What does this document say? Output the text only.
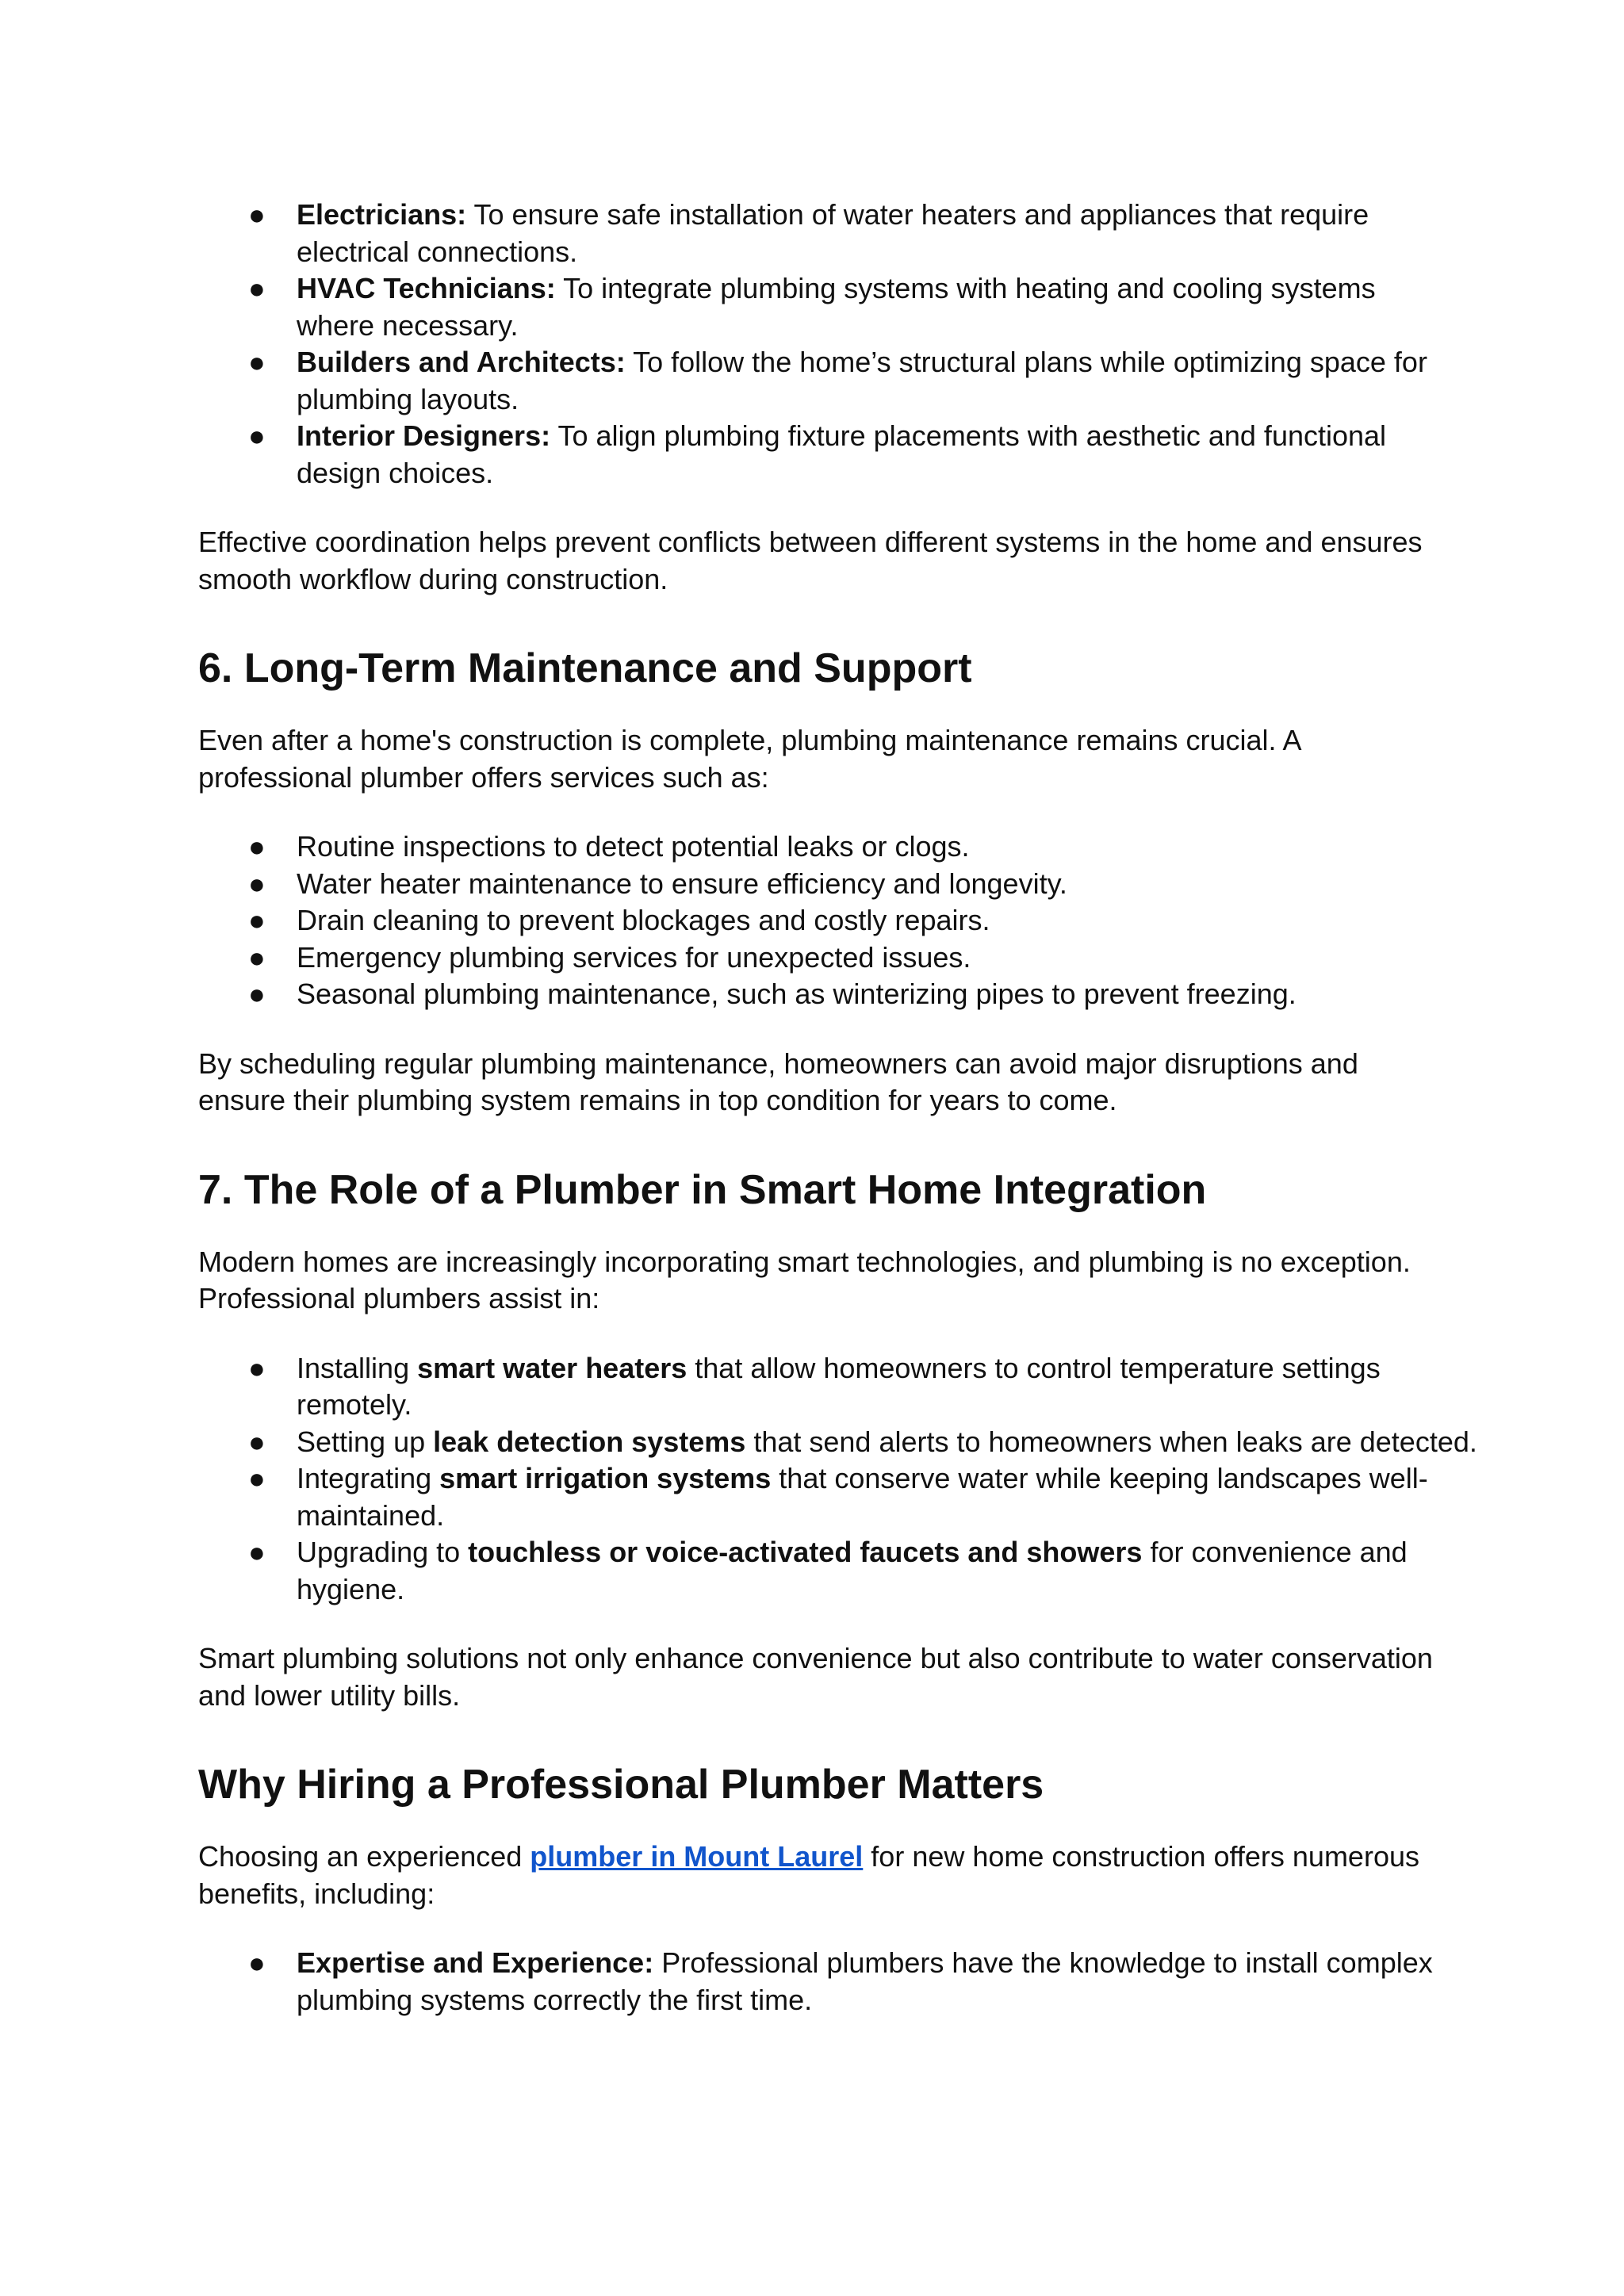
● Electricians: To ensure safe installation of water heaters and appliances that require electrical connections.
● HVAC Technicians: To integrate plumbing systems with heating and cooling systems where necessary.
● Builders and Architects: To follow the home’s structural plans while optimizing space for plumbing layouts.
● Interior Designers: To align plumbing fixture placements with aesthetic and functional design choices.

Effective coordination helps prevent conflicts between different systems in the home and ensures smooth workflow during construction.

6. Long-Term Maintenance and Support

Even after a home's construction is complete, plumbing maintenance remains crucial. A professional plumber offers services such as:

● Routine inspections to detect potential leaks or clogs.
● Water heater maintenance to ensure efficiency and longevity.
● Drain cleaning to prevent blockages and costly repairs.
● Emergency plumbing services for unexpected issues.
● Seasonal plumbing maintenance, such as winterizing pipes to prevent freezing.

By scheduling regular plumbing maintenance, homeowners can avoid major disruptions and ensure their plumbing system remains in top condition for years to come.

7. The Role of a Plumber in Smart Home Integration

Modern homes are increasingly incorporating smart technologies, and plumbing is no exception. Professional plumbers assist in:

● Installing smart water heaters that allow homeowners to control temperature settings remotely.
● Setting up leak detection systems that send alerts to homeowners when leaks are detected.
● Integrating smart irrigation systems that conserve water while keeping landscapes well-maintained.
● Upgrading to touchless or voice-activated faucets and showers for convenience and hygiene.

Smart plumbing solutions not only enhance convenience but also contribute to water conservation and lower utility bills.

Why Hiring a Professional Plumber Matters

Choosing an experienced plumber in Mount Laurel for new home construction offers numerous benefits, including:

● Expertise and Experience: Professional plumbers have the knowledge to install complex plumbing systems correctly the first time.
